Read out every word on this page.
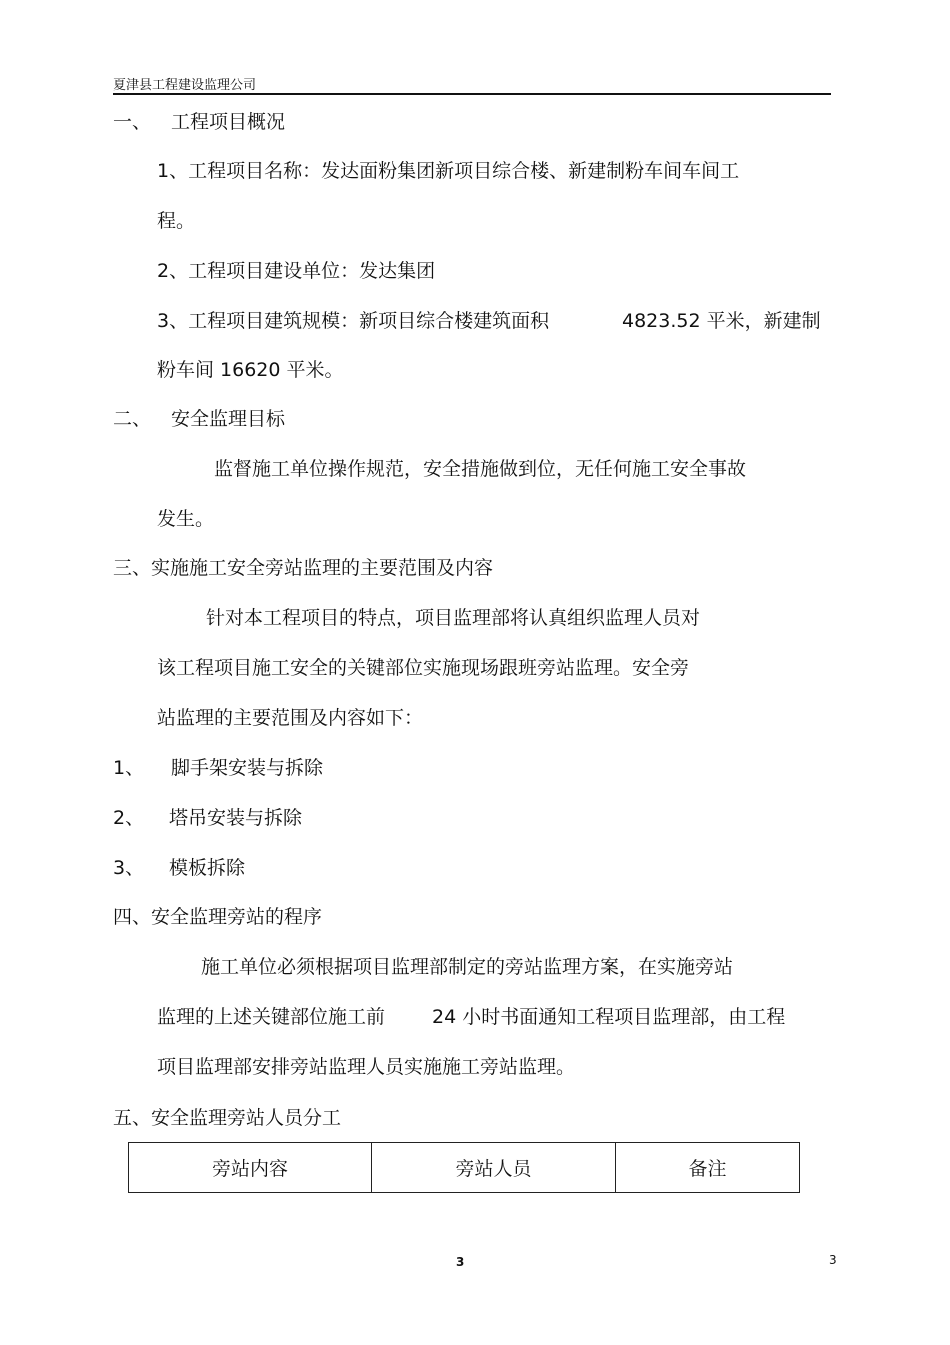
夏津县工程建设监理公司
一、 工程项目概况
1、工程项目名称：发达面粉集团新项目综合楼、新建制粉车间车间工
程。
2、工程项目建设单位：发达集团
3、工程项目建筑规模：新项目综合楼建筑面积	4823.52 平米，新建制
粉车间 16620 平米。
二、 安全监理目标
监督施工单位操作规范，安全措施做到位，无任何施工安全事故
发生。
三、实施施工安全旁站监理的主要范围及内容
针对本工程项目的特点，项目监理部将认真组织监理人员对
该工程项目施工安全的关键部位实施现场跟班旁站监理。安全旁
站监理的主要范围及内容如下：
1、 脚手架安装与拆除
2、 塔吊安装与拆除
3、 模板拆除
四、安全监理旁站的程序
施工单位必须根据项目监理部制定的旁站监理方案，在实施旁站
监理的上述关键部位施工前 24 小时书面通知工程项目监理部，由工程
项目监理部安排旁站监理人员实施施工旁站监理。
五、安全监理旁站人员分工
旁站内容	旁站人员	备注
3	3
